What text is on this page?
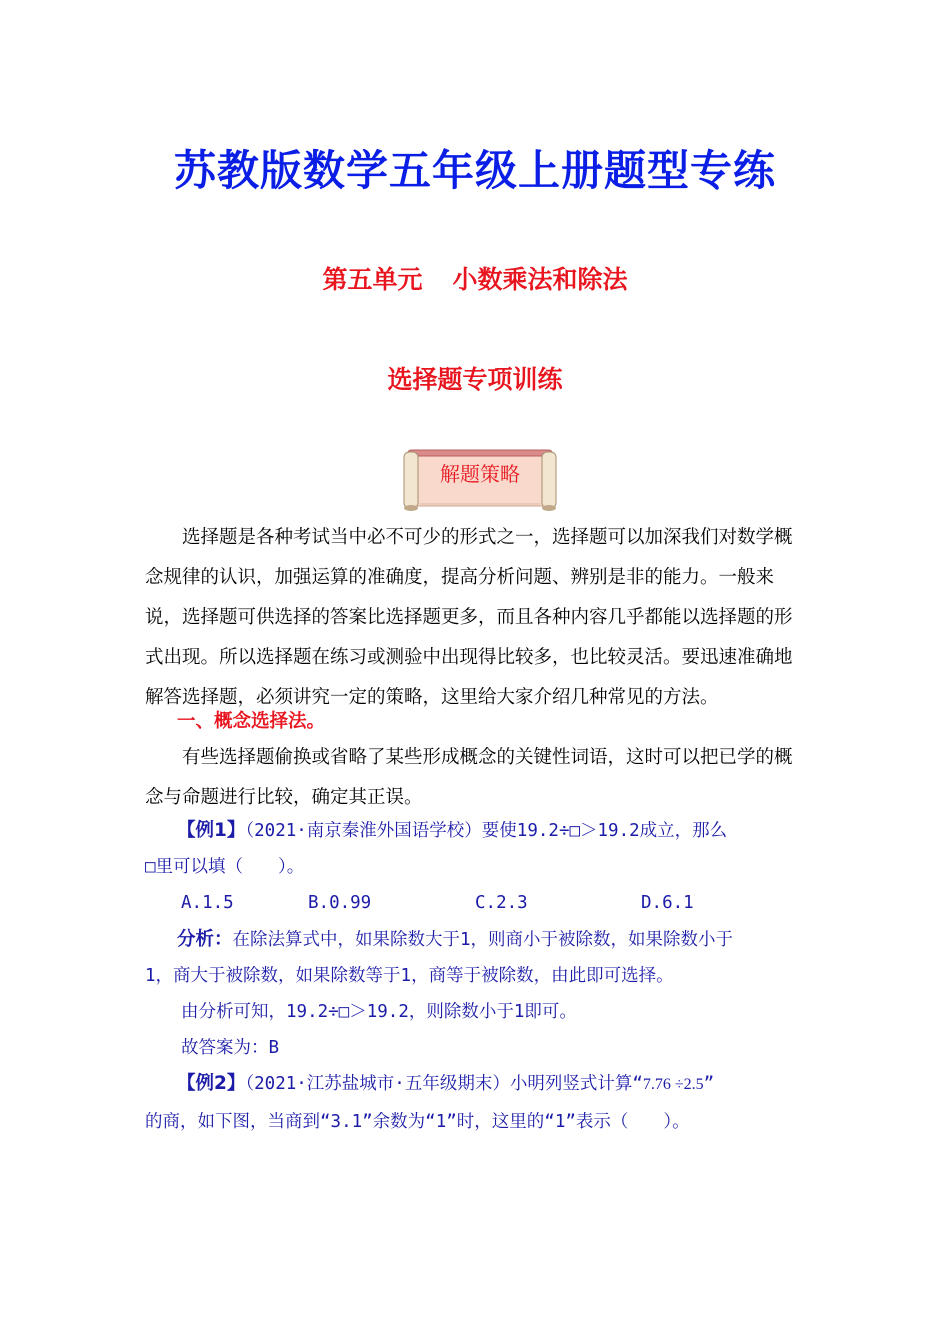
苏教版数学五年级上册题型专练
第五单元 小数乘法和除法
选择题专项训练
解题策略
选择题是各种考试当中必不可少的形式之一，选择题可以加深我们对数学概念规律的认识，加强运算的准确度，提高分析问题、辨别是非的能力。一般来说，选择题可供选择的答案比选择题更多，而且各种内容几乎都能以选择题的形式出现。所以选择题在练习或测验中出现得比较多，也比较灵活。要迅速准确地解答选择题，必须讲究一定的策略，这里给大家介绍几种常见的方法。
一、概念选择法。
有些选择题偷换或省略了某些形成概念的关键性词语，这时可以把已学的概念与命题进行比较，确定其正误。
【例1】（2021·南京秦淮外国语学校）要使19.2÷□＞19.2成立，那么
□里可以填（　　）。
A.1.5	B.0.99	C.2.3	D.6.1
分析：在除法算式中，如果除数大于1，则商小于被除数，如果除数小于
1，商大于被除数，如果除数等于1，商等于被除数，由此即可选择。
由分析可知，19.2÷□＞19.2，则除数小于1即可。
故答案为：B
【例2】（2021·江苏盐城市·五年级期末）小明列竖式计算“7.76 ÷2.5”
的商，如下图，当商到“3.1”余数为“1”时，这里的“1”表示（　　）。
